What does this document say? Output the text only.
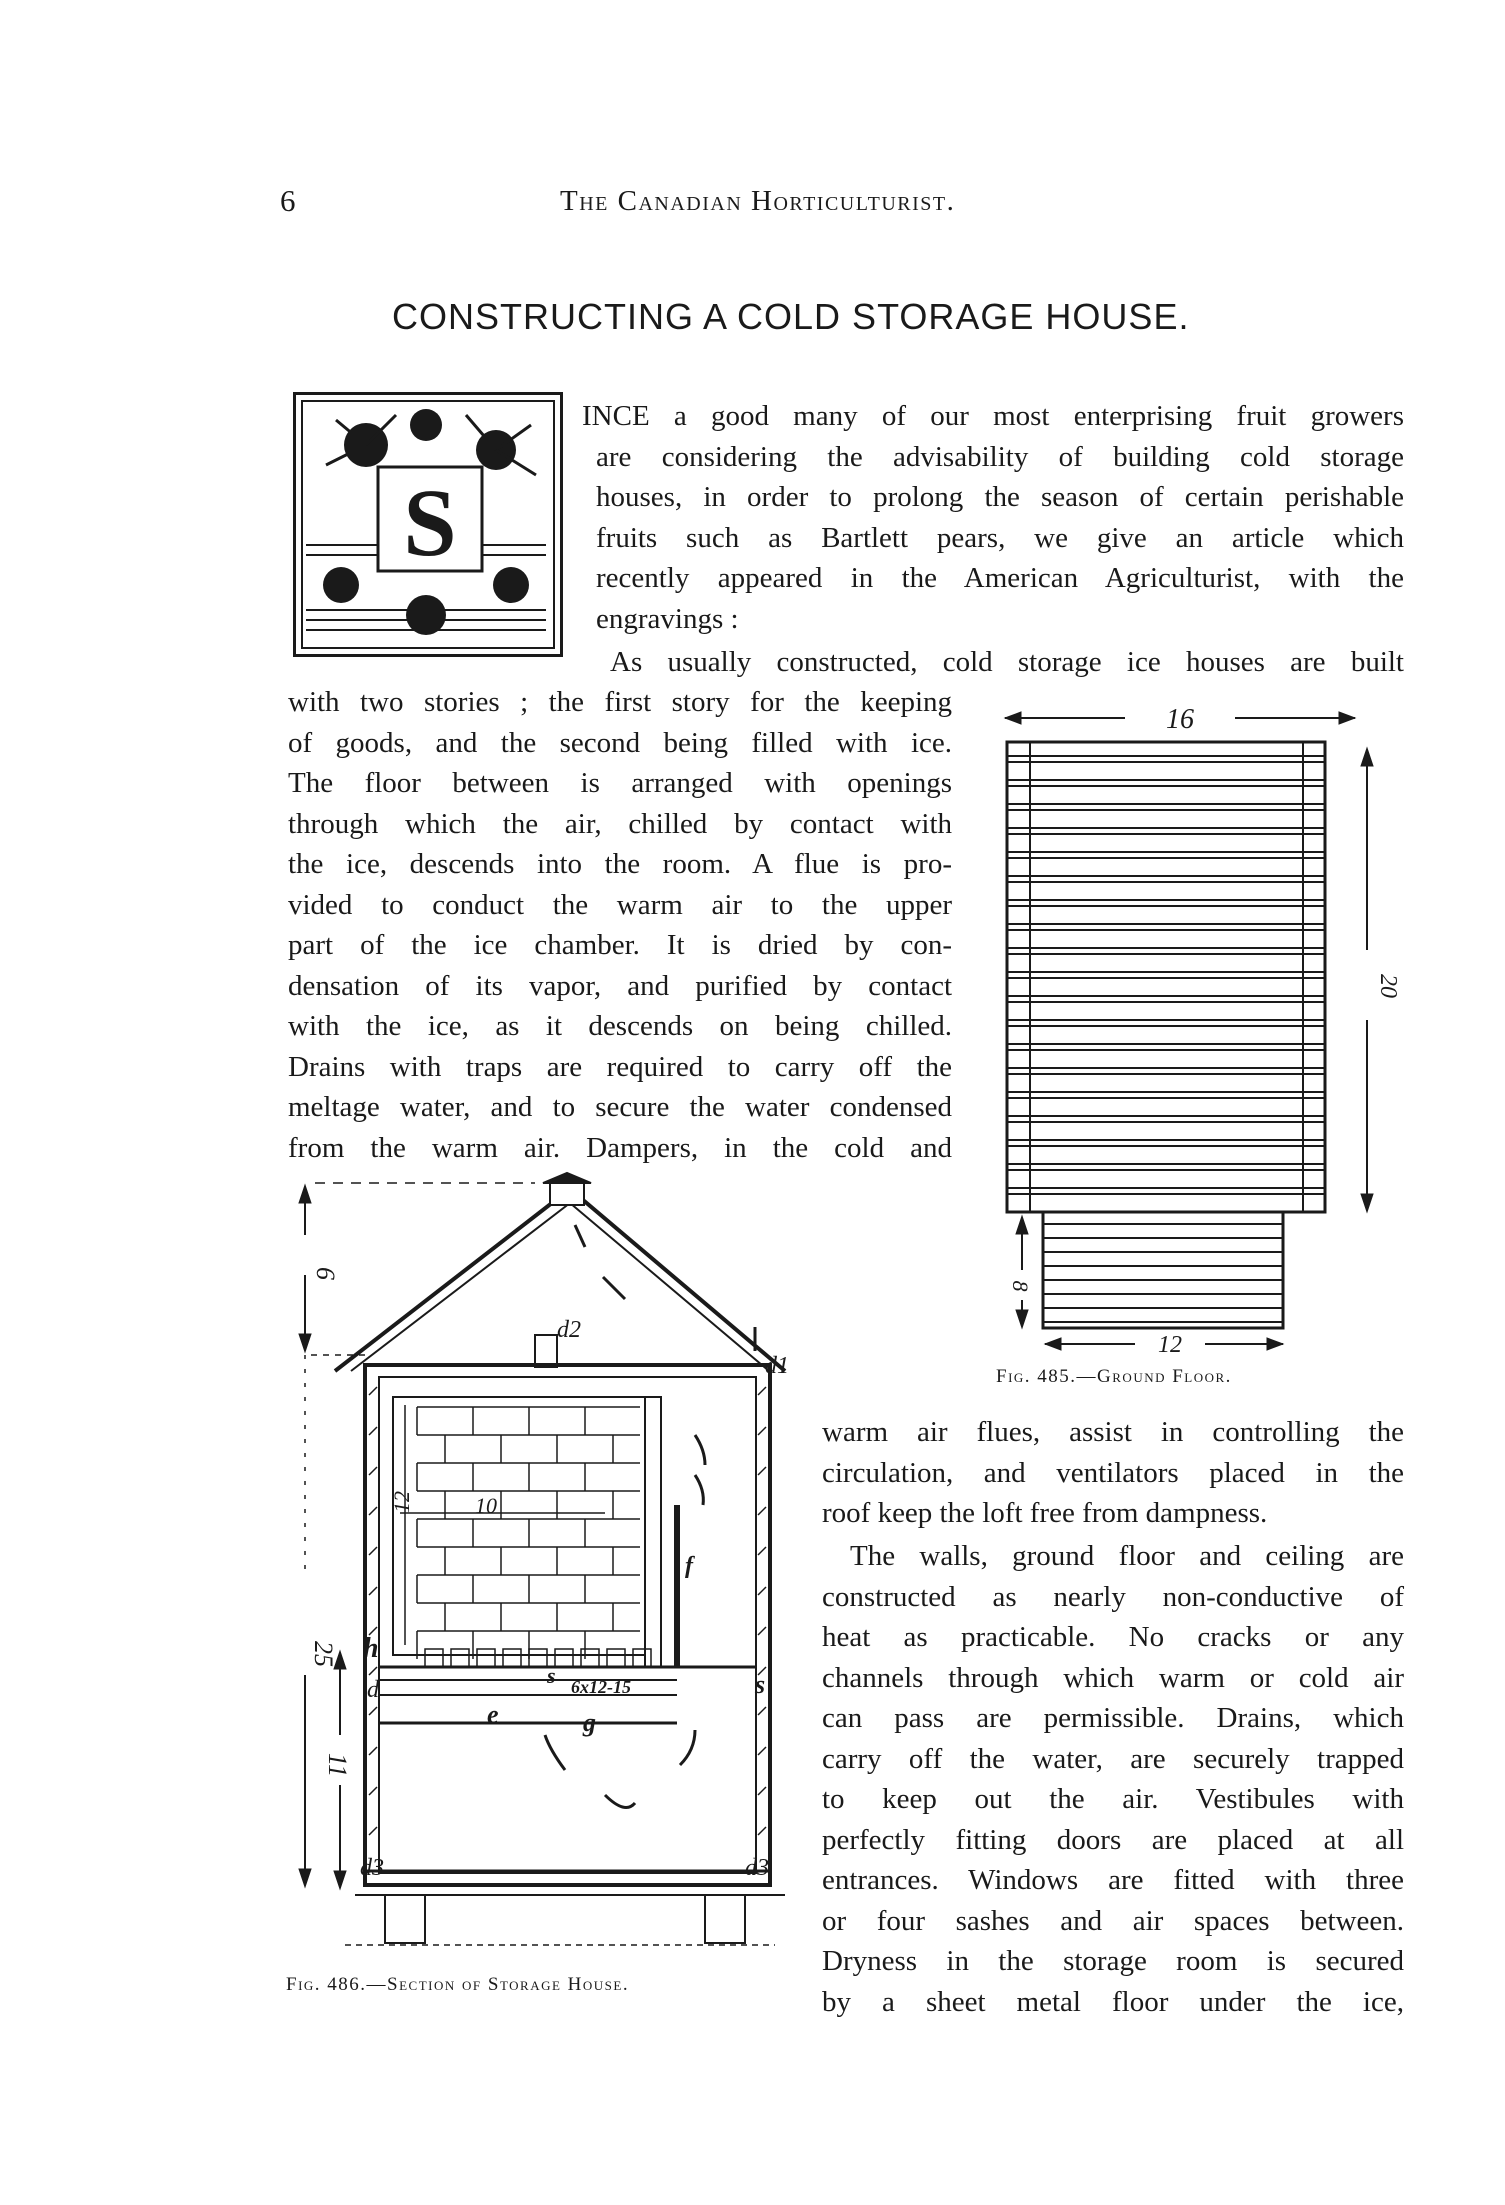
6	The Canadian Horticulturist.
CONSTRUCTING A COLD STORAGE HOUSE.
S
INCE a good many of our most enterprising fruit growers
are considering the advisability of building cold storage
houses, in order to prolong the season of certain perishable
fruits such as Bartlett pears, we give an article which
recently appeared in the American Agriculturist, with the
engravings :
As usually constructed, cold storage ice houses are built
with two stories ; the first story for the keeping
of goods, and the second being filled with ice.
The floor between is arranged with openings
through which the air, chilled by contact with
the ice, descends into the room. A flue is pro-
vided to conduct the warm air to the upper
part of the ice chamber. It is dried by con-
densation of its vapor, and purified by contact
with the ice, as it descends on being chilled.
Drains with traps are required to carry off the
meltage water, and to secure the water condensed
from the warm air. Dampers, in the cold and
16
20
8
12
Fig. 485.—Ground Floor.
warm air flues, assist in controlling the
circulation, and ventilators placed in the
roof keep the loft free from dampness.
The walls, ground floor and ceiling are
constructed as nearly non-conductive of
heat as practicable. No cracks or any
channels through which warm or cold air
can pass are permissible. Drains, which
carry off the water, are securely trapped
to keep out the air. Vestibules with
perfectly fitting doors are placed at all
entrances. Windows are fitted with three
or four sashes and air spaces between.
Dryness in the storage room is secured
by a sheet metal floor under the ice,
6
25
11
12	10
6x12-15
d2
d1
d3	d3
h
d
e	g
f
s	s
Fig. 486.—Section of Storage House.
